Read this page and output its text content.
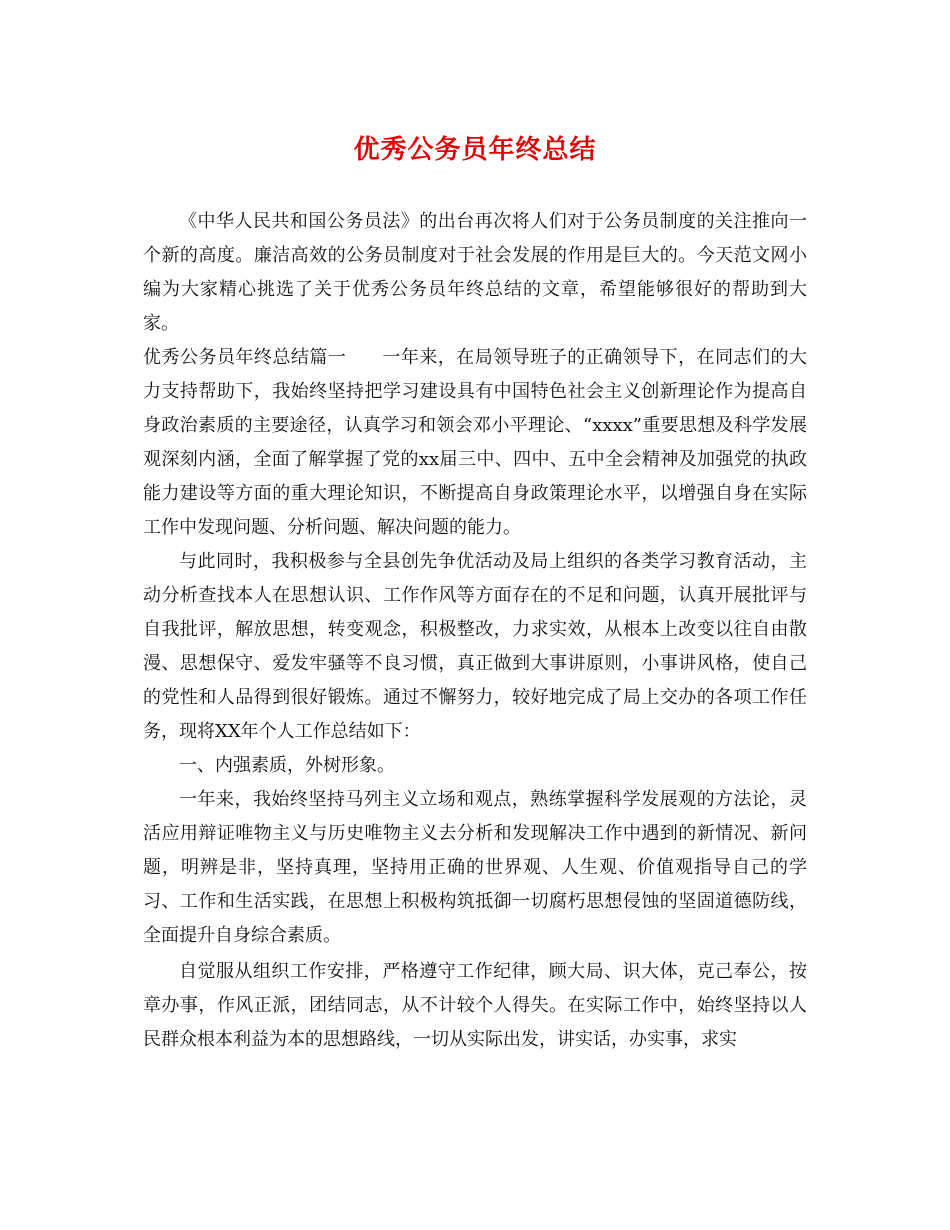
优秀公务员年终总结

《中华人民共和国公务员法》的出台再次将人们对于公务员制度的关注推向一个新的高度。廉洁高效的公务员制度对于社会发展的作用是巨大的。今天范文网小编为大家精心挑选了关于优秀公务员年终总结的文章，希望能够很好的帮助到大家。

优秀公务员年终总结篇一 一年来，在局领导班子的正确领导下，在同志们的大力支持帮助下，我始终坚持把学习建设具有中国特色社会主义创新理论作为提高自身政治素质的主要途径，认真学习和领会邓小平理论、“xxxx”重要思想及科学发展观深刻内涵，全面了解掌握了党的xx届三中、四中、五中全会精神及加强党的执政能力建设等方面的重大理论知识，不断提高自身政策理论水平，以增强自身在实际工作中发现问题、分析问题、解决问题的能力。

与此同时，我积极参与全县创先争优活动及局上组织的各类学习教育活动，主动分析查找本人在思想认识、工作作风等方面存在的不足和问题，认真开展批评与自我批评，解放思想，转变观念，积极整改，力求实效，从根本上改变以往自由散漫、思想保守、爱发牢骚等不良习惯，真正做到大事讲原则，小事讲风格，使自己的党性和人品得到很好锻炼。通过不懈努力，较好地完成了局上交办的各项工作任务，现将XX年个人工作总结如下：

一、内强素质，外树形象。

一年来，我始终坚持马列主义立场和观点，熟练掌握科学发展观的方法论，灵活应用辩证唯物主义与历史唯物主义去分析和发现解决工作中遇到的新情况、新问题，明辨是非，坚持真理，坚持用正确的世界观、人生观、价值观指导自己的学习、工作和生活实践，在思想上积极构筑抵御一切腐朽思想侵蚀的坚固道德防线，全面提升自身综合素质。

自觉服从组织工作安排，严格遵守工作纪律，顾大局、识大体，克己奉公，按章办事，作风正派，团结同志，从不计较个人得失。在实际工作中，始终坚持以人民群众根本利益为本的思想路线，一切从实际出发，讲实话，办实事，求实
